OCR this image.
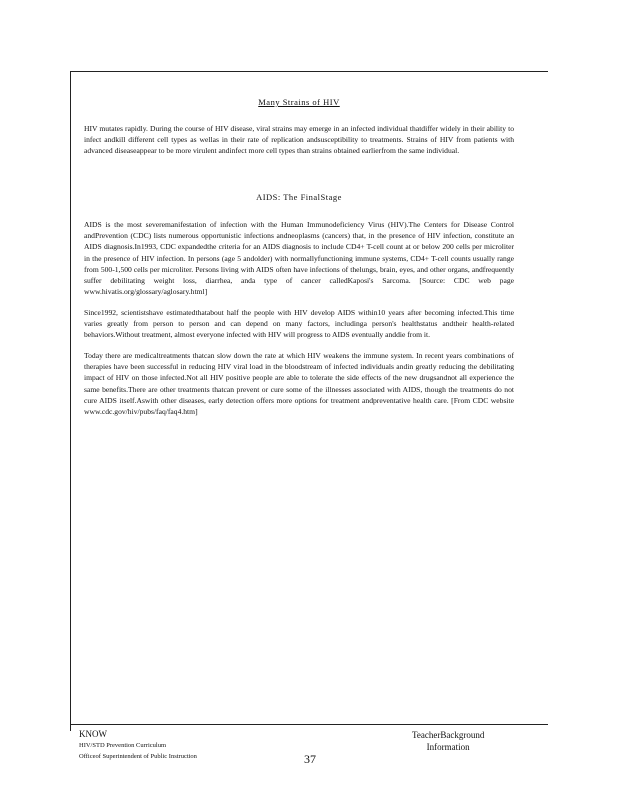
Many Strains of HIV

HIV mutates rapidly. During the course of HIV disease, viral strains may emerge in an infected individual thatdiffer widely in their ability to infect andkill different cell types as wellas in their rate of replication andsusceptibility to treatments. Strains of HIV from patients with advanced diseaseappear to be more virulent andinfect more cell types than strains obtained earlierfrom the same individual.

AIDS: The FinalStage

AIDS is the most severemanifestation of infection with the Human Immunodeficiency Virus (HIV).The Centers for Disease Control andPrevention (CDC) lists numerous opportunistic infections andneoplasms (cancers) that, in the presence of HIV infection, constitute an AIDS diagnosis.In1993, CDC expandedthe criteria for an AIDS diagnosis to include CD4+ T-cell count at or below 200 cells per microliter in the presence of HIV infection. In persons (age 5 andolder) with normallyfunctioning immune systems, CD4+ T-cell counts usually range from 500-1,500 cells per microliter. Persons living with AIDS often have infections of thelungs, brain, eyes, and other organs, andfrequently suffer debilitating weight loss, diarrhea, anda type of cancer calledKaposi's Sarcoma. [Source: CDC web page www.hivatis.org/glossary/aglosary.html]

Since1992, scientistshave estimatedthatabout half the people with HIV develop AIDS within10 years after becoming infected.This time varies greatly from person to person and can depend on many factors, includinga person's healthstatus andtheir health-related behaviors.Without treatment, almost everyone infected with HIV will progress to AIDS eventually anddie from it.

Today there are medicaltreatments thatcan slow down the rate at which HIV weakens the immune system. In recent years combinations of therapies have been successful in reducing HIV viral load in the bloodstream of infected individuals andin greatly reducing the debilitating impact of HIV on those infected.Not all HIV positive people are able to tolerate the side effects of the new drugsandnot all experience the same benefits.There are other treatments thatcan prevent or cure some of the illnesses associated with AIDS, though the treatments do not cure AIDS itself.Aswith other diseases, early detection offers more options for treatment andpreventative health care. [From CDC website www.cdc.gov/hiv/pubs/faq/faq4.htm]

KNOW
HIV/STD Prevention Curriculum
Officeof Superintendent of Public Instruction
TeacherBackground
Information
37
